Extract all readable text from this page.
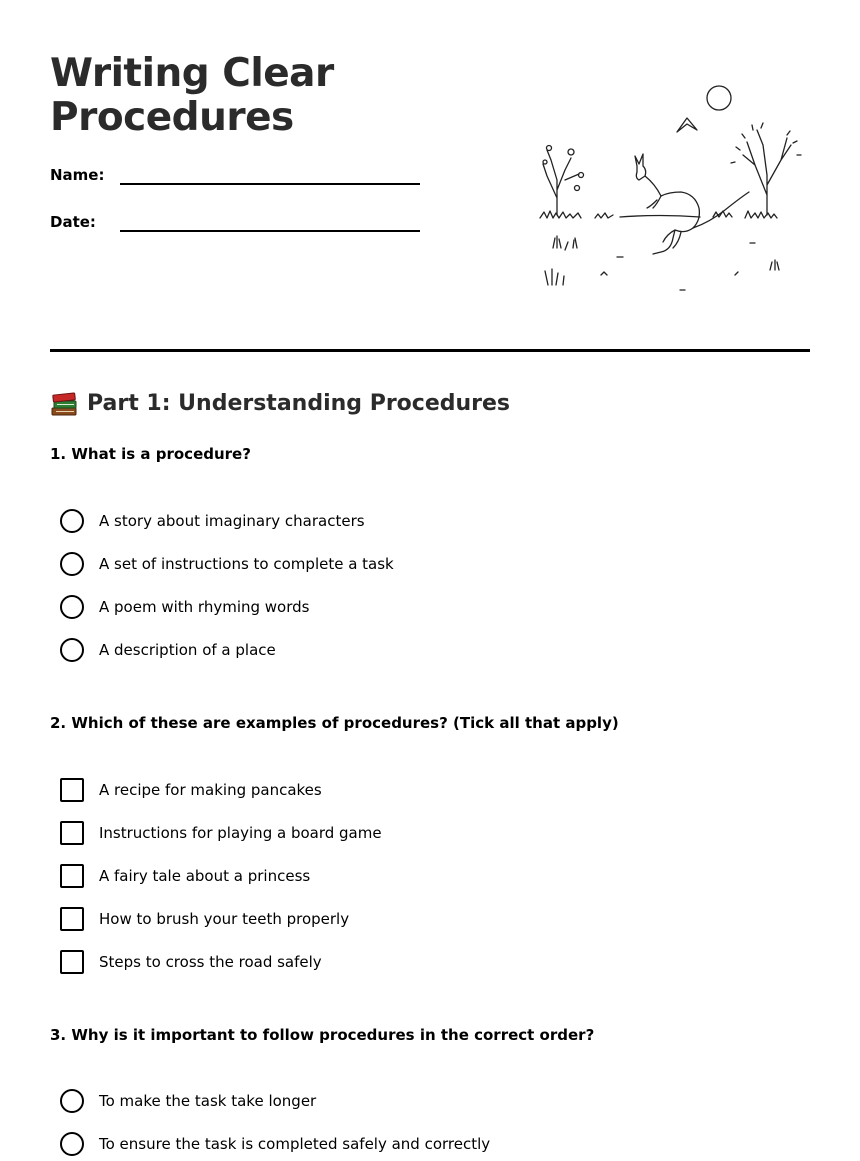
Writing Clear Procedures
Name:
Date:
Part 1: Understanding Procedures

1. What is a procedure?

A story about imaginary characters
A set of instructions to complete a task
A poem with rhyming words
A description of a place

2. Which of these are examples of procedures? (Tick all that apply)

A recipe for making pancakes
Instructions for playing a board game
A fairy tale about a princess
How to brush your teeth properly
Steps to cross the road safely

3. Why is it important to follow procedures in the correct order?

To make the task take longer
To ensure the task is completed safely and correctly
